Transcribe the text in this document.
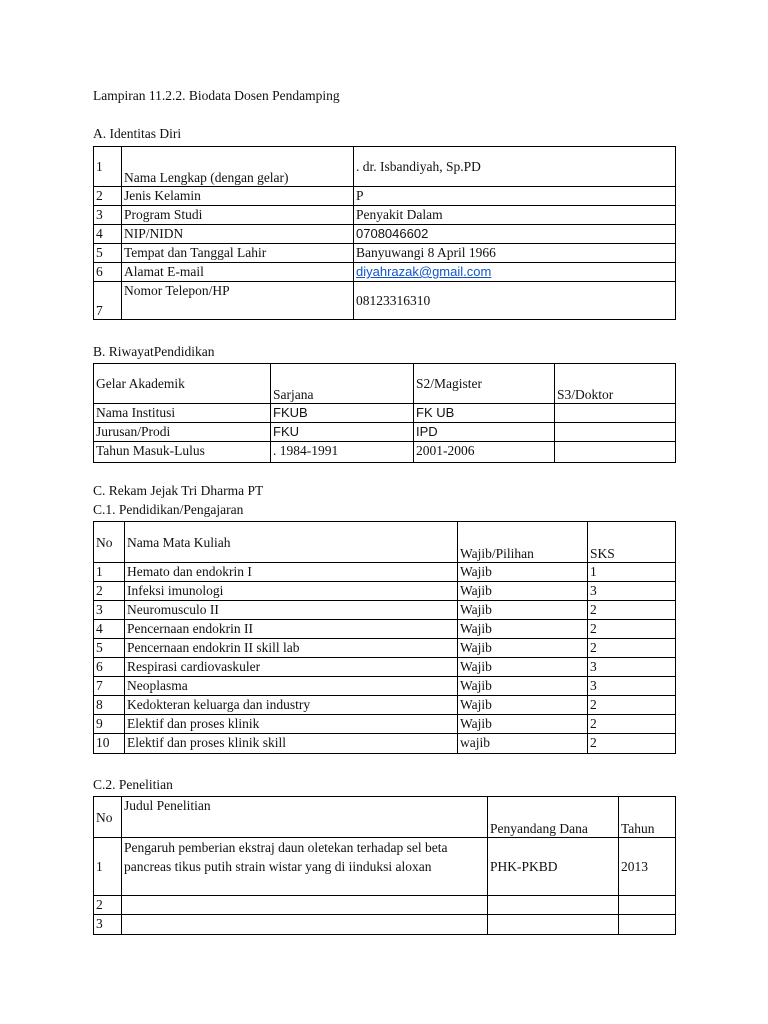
Lampiran 11.2.2. Biodata Dosen Pendamping
A. Identitas Diri
1	Nama Lengkap (dengan gelar)	. dr. Isbandiyah, Sp.PD
2	Jenis Kelamin	P
3	Program Studi	Penyakit Dalam
4	NIP/NIDN	0708046602
5	Tempat dan Tanggal Lahir	Banyuwangi 8 April 1966
6	Alamat E-mail	diyahrazak@gmail.com
7	Nomor Telepon/HP	08123316310
B. RiwayatPendidikan
Gelar Akademik	Sarjana	S2/Magister	S3/Doktor
Nama Institusi	FKUB	FK UB	
Jurusan/Prodi	FKU	IPD	
Tahun Masuk-Lulus	. 1984-1991	2001-2006	
C. Rekam Jejak Tri Dharma PT
C.1. Pendidikan/Pengajaran
No	Nama Mata Kuliah	Wajib/Pilihan	SKS
1	Hemato dan endokrin I	Wajib	1
2	Infeksi imunologi	Wajib	3
3	Neuromusculo II	Wajib	2
4	Pencernaan endokrin II	Wajib	2
5	Pencernaan endokrin II skill lab	Wajib	2
6	Respirasi cardiovaskuler	Wajib	3
7	Neoplasma	Wajib	3
8	Kedokteran keluarga dan industry	Wajib	2
9	Elektif dan proses klinik	Wajib	2
10	Elektif dan proses klinik skill	wajib	2
C.2. Penelitian
No	Judul Penelitian	Penyandang Dana	Tahun
1	Pengaruh pemberian ekstraj daun oletekan terhadap sel beta pancreas tikus putih strain wistar yang di iinduksi aloxan	PHK-PKBD	2013
2			
3			
